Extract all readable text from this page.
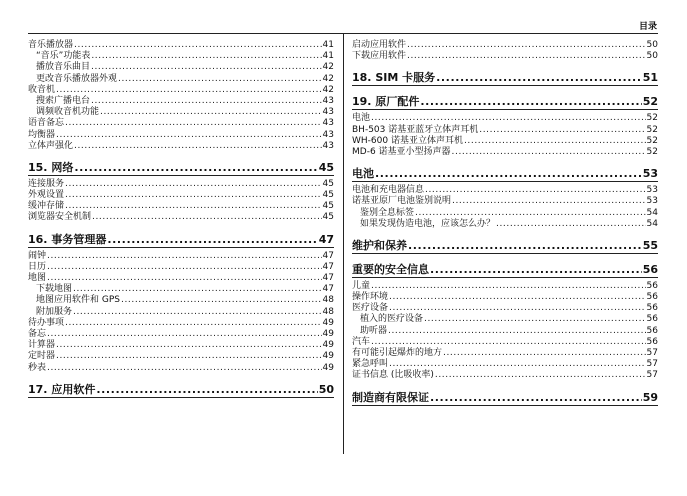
目录
音乐播放器 .....	41
“音乐”功能表 .....	41
播放音乐曲目 .....	42
更改音乐播放器外观 .....	42
收音机 .....	42
搜索广播电台 .....	43
调频收音机功能 .....	43
语音备忘 .....	43
均衡器 .....	43
立体声强化 .....	43
15. 网络 .....	45
连接服务 .....	45
外观设置 .....	45
缓冲存储 .....	45
浏览器安全机制 .....	45
16. 事务管理器 .....	47
闹钟 .....	47
日历 .....	47
地图 .....	47
下载地图 .....	47
地图应用软件和 GPS .....	48
附加服务 .....	48
待办事项 .....	49
备忘 .....	49
计算器 .....	49
定时器 .....	49
秒表 .....	49
17. 应用软件 .....	50
启动应用软件 .....	50
下载应用软件 .....	50
18. SIM 卡服务 .....	51
19. 原厂配件 .....	52
电池 .....	52
BH-503 诺基亚蓝牙立体声耳机 .....	52
WH-600 诺基亚立体声耳机 .....	52
MD-6 诺基亚小型扬声器 .....	52
电池 .....	53
电池和充电器信息 .....	53
诺基亚原厂电池鉴别说明 .....	53
鉴别全息标签 .....	54
如果发现伪造电池，应该怎么办？ .....	54
维护和保养 .....	55
重要的安全信息 .....	56
儿童 .....	56
操作环境 .....	56
医疗设备 .....	56
植入的医疗设备 .....	56
助听器 .....	56
汽车 .....	56
有可能引起爆炸的地方 .....	57
紧急呼叫 .....	57
证书信息 (比吸收率) .....	57
制造商有限保证 .....	59
